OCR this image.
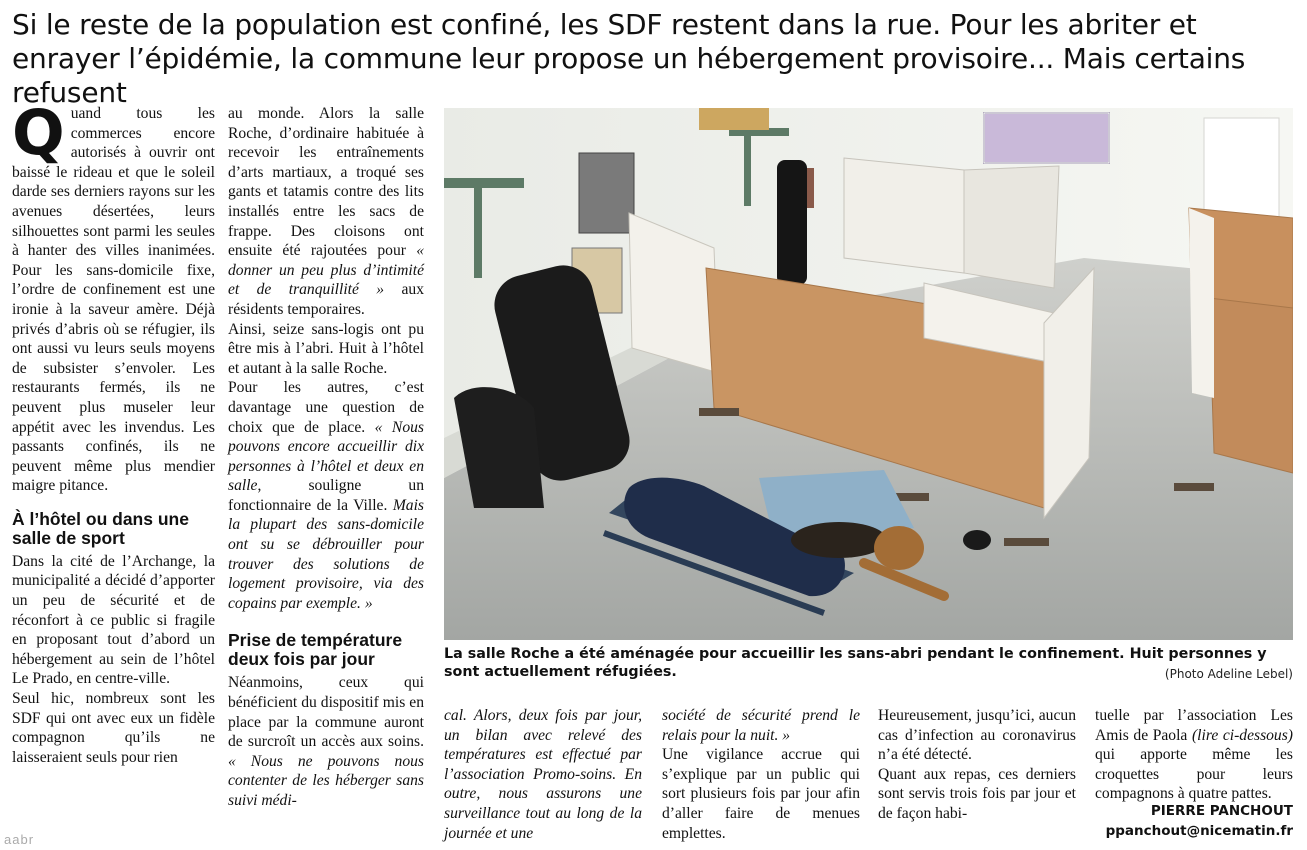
Si le reste de la population est confiné, les SDF restent dans la rue. Pour les abriter et enrayer l’épidémie, la commune leur propose un hébergement provisoire... Mais certains refusent

Quand tous les commerces encore autorisés à ouvrir ont baissé le rideau et que le soleil darde ses derniers rayons sur les avenues désertées, leurs silhouettes sont parmi les seules à hanter des villes inanimées. Pour les sans-domicile fixe, l’ordre de confinement est une ironie à la saveur amère. Déjà privés d’abris où se réfugier, ils ont aussi vu leurs seuls moyens de subsister s’envoler. Les restaurants fermés, ils ne peuvent plus museler leur appétit avec les invendus. Les passants confinés, ils ne peuvent même plus mendier maigre pitance.

À l’hôtel ou dans une salle de sport

Dans la cité de l’Archange, la municipalité a décidé d’apporter un peu de sécurité et de réconfort à ce public si fragile en proposant tout d’abord un hébergement au sein de l’hôtel Le Prado, en centre-ville.

Seul hic, nombreux sont les SDF qui ont avec eux un fidèle compagnon qu’ils ne laisseraient seuls pour rien

au monde. Alors la salle Roche, d’ordinaire habituée à recevoir les entraînements d’arts martiaux, a troqué ses gants et tatamis contre des lits installés entre les sacs de frappe. Des cloisons ont ensuite été rajoutées pour « donner un peu plus d’intimité et de tranquillité » aux résidents temporaires.

Ainsi, seize sans-logis ont pu être mis à l’abri. Huit à l’hôtel et autant à la salle Roche.

Pour les autres, c’est davantage une question de choix que de place. « Nous pouvons encore accueillir dix personnes à l’hôtel et deux en salle, souligne un fonctionnaire de la Ville. Mais la plupart des sans-domicile ont su se débrouiller pour trouver des solutions de logement provisoire, via des copains par exemple. »

Prise de température deux fois par jour

Néanmoins, ceux qui bénéficient du dispositif mis en place par la commune auront de surcroît un accès aux soins. « Nous ne pouvons nous contenter de les héberger sans suivi médi-

La salle Roche a été aménagée pour accueillir les sans-abri pendant le confinement. Huit personnes y sont actuellement réfugiées.	(Photo Adeline Lebel)

cal. Alors, deux fois par jour, un bilan avec relevé des températures est effectué par l’association Promo-soins. En outre, nous assurons une surveillance tout au long de la journée et une

société de sécurité prend le relais pour la nuit. »

Une vigilance accrue qui s’explique par un public qui sort plusieurs fois par jour afin d’aller faire de menues emplettes.

Heureusement, jusqu’ici, aucun cas d’infection au coronavirus n’a été détecté.

Quant aux repas, ces derniers sont servis trois fois par jour et de façon habi-

tuelle par l’association Les Amis de Paola (lire ci-dessous) qui apporte même les croquettes pour leurs compagnons à quatre pattes.

PIERRE PANCHOUT
ppanchout@nicematin.fr
aabr
